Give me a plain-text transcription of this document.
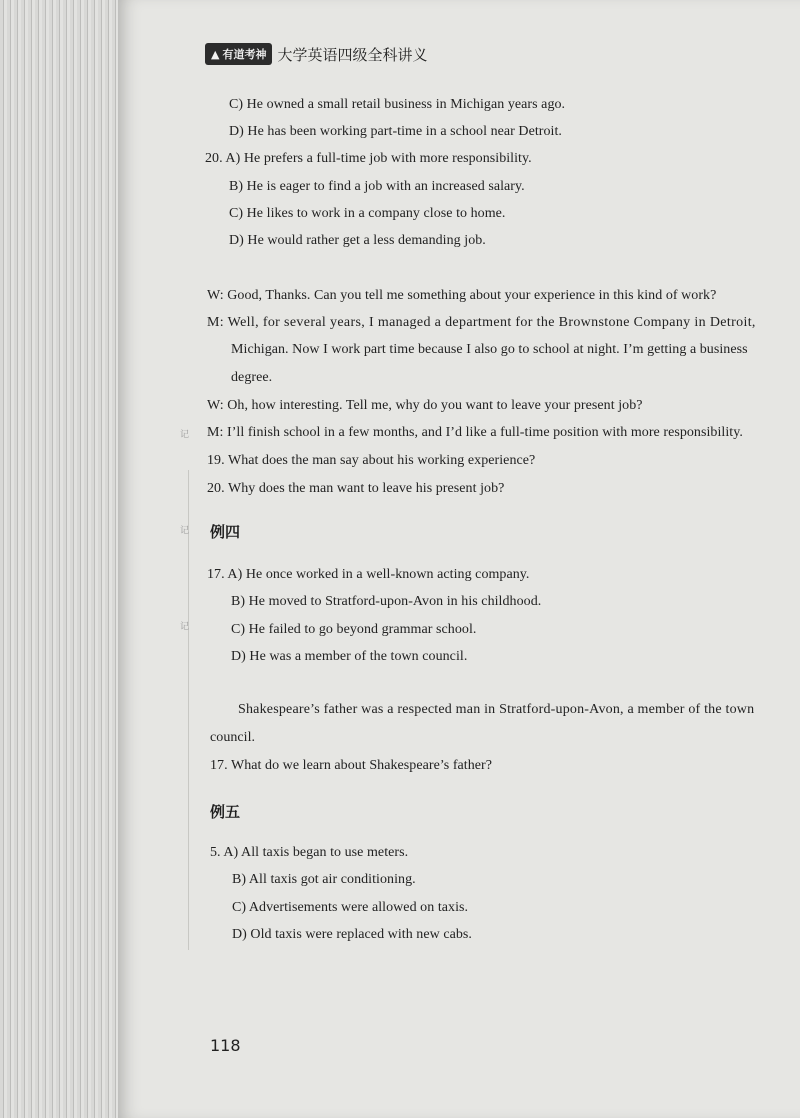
▲ 有道考神 大学英语四级全科讲义
C) He owned a small retail business in Michigan years ago.
D) He has been working part-time in a school near Detroit.
20. A) He prefers a full-time job with more responsibility.
B) He is eager to find a job with an increased salary.
C) He likes to work in a company close to home.
D) He would rather get a less demanding job.
W: Good, Thanks. Can you tell me something about your experience in this kind of work?
M: Well, for several years, I managed a department for the Brownstone Company in Detroit,
Michigan. Now I work part time because I also go to school at night. I’m getting a business
degree.
W: Oh, how interesting. Tell me, why do you want to leave your present job?
M: I’ll finish school in a few months, and I’d like a full-time position with more responsibility.
19. What does the man say about his working experience?
20. Why does the man want to leave his present job?
记
记
记
例四
17. A) He once worked in a well-known acting company.
B) He moved to Stratford-upon-Avon in his childhood.
C) He failed to go beyond grammar school.
D) He was a member of the town council.
Shakespeare’s father was a respected man in Stratford-upon-Avon, a member of the town
council.
17. What do we learn about Shakespeare’s father?
例五
5. A) All taxis began to use meters.
B) All taxis got air conditioning.
C) Advertisements were allowed on taxis.
D) Old taxis were replaced with new cabs.
118
